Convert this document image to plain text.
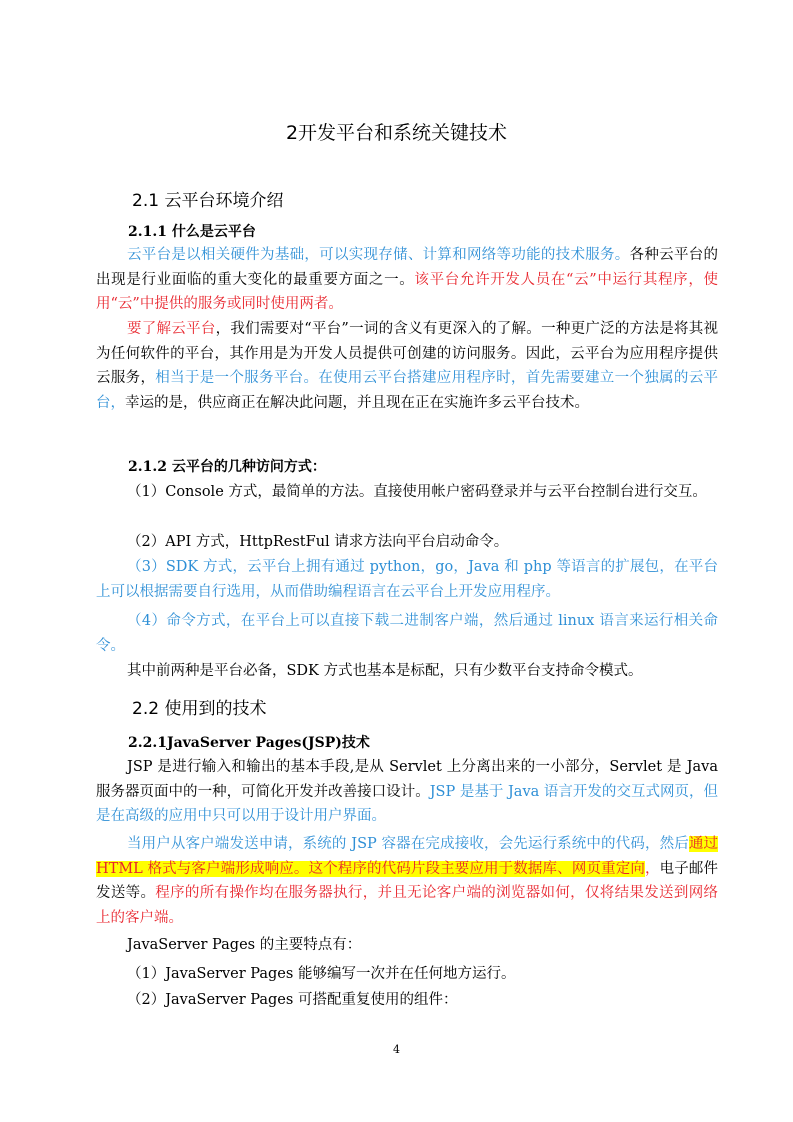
2开发平台和系统关键技术
2.1 云平台环境介绍
2.1.1 什么是云平台

云平台是以相关硬件为基础，可以实现存储、计算和网络等功能的技术服务。各种云平台的出现是行业面临的重大变化的最重要方面之一。该平台允许开发人员在“云”中运行其程序，使用“云”中提供的服务或同时使用两者。

要了解云平台，我们需要对“平台”一词的含义有更深入的了解。一种更广泛的方法是将其视为任何软件的平台，其作用是为开发人员提供可创建的访问服务。因此，云平台为应用程序提供云服务，相当于是一个服务平台。在使用云平台搭建应用程序时，首先需要建立一个独属的云平台，幸运的是，供应商正在解决此问题，并且现在正在实施许多云平台技术。

2.1.2 云平台的几种访问方式：

（1）Console 方式，最简单的方法。直接使用帐户密码登录并与云平台控制台进行交互。

（2）API 方式，HttpRestFul 请求方法向平台启动命令。

（3）SDK 方式，云平台上拥有通过 python，go，Java 和 php 等语言的扩展包，在平台上可以根据需要自行选用，从而借助编程语言在云平台上开发应用程序。

（4）命令方式，在平台上可以直接下载二进制客户端，然后通过 linux 语言来运行相关命令。

其中前两种是平台必备，SDK 方式也基本是标配，只有少数平台支持命令模式。

2.2 使用到的技术
2.2.1JavaServer Pages(JSP)技术

JSP 是进行输入和输出的基本手段,是从 Servlet 上分离出来的一小部分，Servlet 是 Java 服务器页面中的一种，可简化开发并改善接口设计。JSP 是基于 Java 语言开发的交互式网页，但是在高级的应用中只可以用于设计用户界面。

当用户从客户端发送申请，系统的 JSP 容器在完成接收，会先运行系统中的代码，然后通过 HTML 格式与客户端形成响应。这个程序的代码片段主要应用于数据库、网页重定向，电子邮件发送等。程序的所有操作均在服务器执行，并且无论客户端的浏览器如何，仅将结果发送到网络上的客户端。

JavaServer Pages 的主要特点有：

（1）JavaServer Pages 能够编写一次并在任何地方运行。

（2）JavaServer Pages 可搭配重复使用的组件：

4
